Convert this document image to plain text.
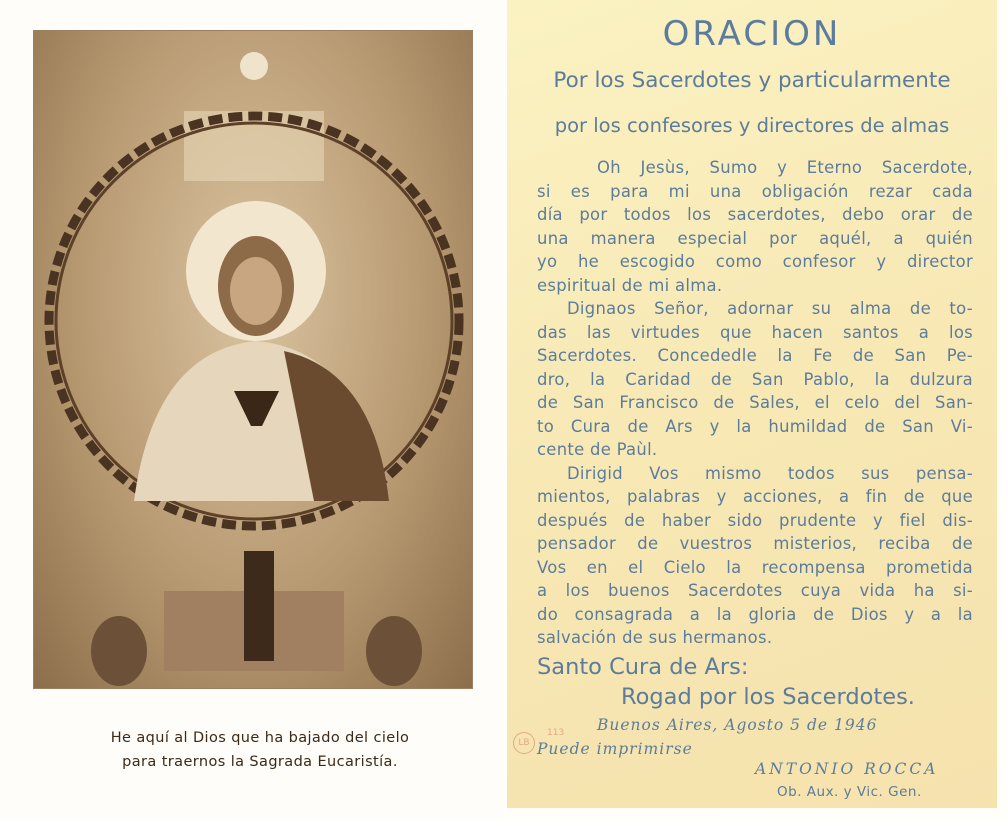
He aquí al Dios que ha bajado del cielo
para traernos la Sagrada Eucaristía.
ORACION
Por los Sacerdotes y particularmente
por los confesores y directores de almas
Oh Jesùs, Sumo y Eterno Sacerdote,
si es para mi una obligación rezar cada
día por todos los sacerdotes, debo orar de
una manera especial por aquél, a quién
yo he escogido como confesor y director
espiritual de mi alma.
Dignaos Señor, adornar su alma de to-
das las virtudes que hacen santos a los
Sacerdotes. Concededle la Fe de San Pe-
dro, la Caridad de San Pablo, la dulzura
de San Francisco de Sales, el celo del San-
to Cura de Ars y la humildad de San Vi-
cente de Paùl.
Dirigid Vos mismo todos sus pensa-
mientos, palabras y acciones, a fin de que
después de haber sido prudente y fiel dis-
pensador de vuestros misterios, reciba de
Vos en el Cielo la recompensa prometida
a los buenos Sacerdotes cuya vida ha si-
do consagrada a la gloria de Dios y a la
salvación de sus hermanos.
Santo Cura de Ars:
Rogad por los Sacerdotes.
Buenos Aires, Agosto 5 de 1946
LB
113
Puede imprimirse
ANTONIO ROCCA
Ob. Aux. y Vic. Gen.
